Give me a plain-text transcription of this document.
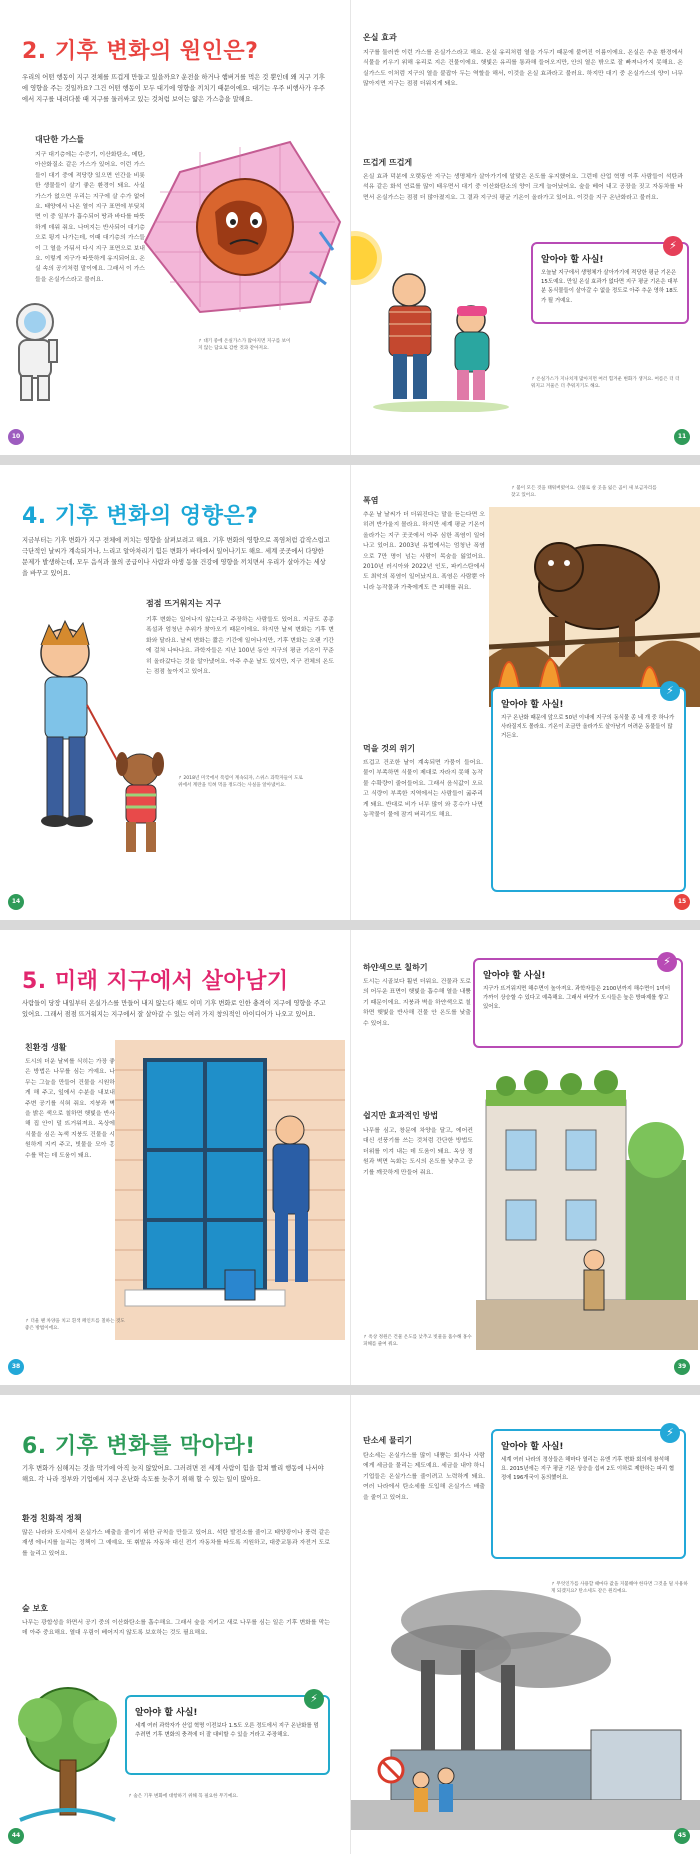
2. 기후 변화의 원인은?
우리의 어떤 행동이 지구 전체를 뜨겁게 만들고 있을까요? 운전을 하거나 햄버거를 먹은 것 뿐인데 왜 지구 기후에 영향을 주는 것일까요? 그건 어떤 행동이 모두 대기에 영향을 끼치기 때문이에요. 대기는 우주 비행사가 우주에서 지구를 내려다볼 때 지구를 둘러싸고 있는 것처럼 보이는 얇은 가스층을 말해요.
대단한 가스들
지구 대기층에는 수증기, 이산화탄소, 메탄, 아산화질소 같은 가스가 있어요. 이런 가스들이 대기 중에 적당량 있으면 인간을 비롯한 생물들이 살기 좋은 환경이 돼요. 사실 가스가 없으면 우리는 지구에 살 수가 없어요. 태양에서 나온 열이 지구 표면에 부딪치면 이 중 일부가 흡수되어 땅과 바다를 따뜻하게 데워 줘요. 나머지는 반사되어 대기층으로 튕겨 나가는데, 이때 대기층의 가스들이 그 열을 가둬서 다시 지구 표면으로 보내요. 이렇게 지구가 따뜻하게 유지되어요. 온실 속의 공기처럼 말이에요. 그래서 이 가스들을 온실가스라고 불러요.
↱ 대기 중에 온실가스가 많아지면 지구를 보이지 않는 담요로 감싼 것과 같아져요.
10
온실 효과
지구를 둘러싼 이런 가스를 온실가스라고 해요. 온실 유리처럼 열을 가두기 때문에 붙여진 이름이에요. 온실은 추운 환경에서 식물을 키우기 위해 유리로 지은 건물이에요. 햇빛은 유리를 통과해 들어오지만, 안의 열은 밖으로 잘 빠져나가지 못해요. 온실가스도 이처럼 지구의 열을 붙잡아 두는 역할을 해서, 이것을 온실 효과라고 불러요. 하지만 대기 중 온실가스의 양이 너무 많아지면 지구는 점점 더워지게 돼요.
뜨겁게 뜨겁게
온실 효과 덕분에 오랫동안 지구는 생명체가 살아가기에 알맞은 온도를 유지했어요. 그런데 산업 혁명 이후 사람들이 석탄과 석유 같은 화석 연료를 많이 태우면서 대기 중 이산화탄소의 양이 크게 늘어났어요. 숲을 베어 내고 공장을 짓고 자동차를 타면서 온실가스는 점점 더 많아졌지요. 그 결과 지구의 평균 기온이 올라가고 있어요. 이것을 지구 온난화라고 불러요.
⚡
알아야 할 사실!
오늘날 지구에서 생명체가 살아가기에 적당한 평균 기온은 15도예요. 만일 온실 효과가 없다면 지구 평균 기온은 대부분 동식물들이 살아갈 수 없을 정도로 아주 추운 영하 18도가 될 거예요.
↱ 온실가스가 지나치게 많아지면 여러 힘겨운 변화가 생겨요. 여름은 더 더워지고 겨울은 더 추워지기도 해요.
11
4. 기후 변화의 영향은?
지금부터는 기후 변화가 지구 전체에 끼치는 영향을 살펴보려고 해요. 기후 변화의 영향으로 폭염처럼 갑작스럽고 극단적인 날씨가 계속되거나, 느리고 알아차리기 힘든 변화가 바다에서 일어나기도 해요. 세계 곳곳에서 다양한 문제가 발생하는데, 모두 음식과 물의 공급이나 사람과 야생 동물 건강에 영향을 끼치면서 우리가 살아가는 세상을 바꾸고 있어요.
점점 뜨거워지는 지구
기후 변화는 일어나지 않는다고 주장하는 사람들도 있어요. 지금도 종종 폭설과 엄청난 추위가 찾아오기 때문이에요. 하지만 날씨 변화는 기후 변화와 달라요. 날씨 변화는 짧은 기간에 일어나지만, 기후 변화는 오랜 기간에 걸쳐 나타나요. 과학자들은 지난 100년 동안 지구의 평균 기온이 꾸준히 올라갔다는 것을 알아냈어요. 아주 추운 날도 있지만, 지구 전체의 온도는 점점 높아지고 있어요.
↱ 2018년 미국에서 폭염이 계속되자, 스위스 과학자들이 도로 위에서 계란을 익혀 먹을 정도라는 사실을 알아냈어요.
14
폭염
추운 날 날씨가 더 더워진다는 말을 듣는다면 오히려 반가울지 몰라요. 하지만 세계 평균 기온이 올라가는 지구 곳곳에서 아주 심한 폭염이 일어나고 있어요. 2003년 유럽에서는 엄청난 폭염으로 7만 명이 넘는 사람이 목숨을 잃었어요. 2010년 러시아와 2022년 인도, 파키스탄에서도 최악의 폭염이 일어났지요. 폭염은 사람뿐 아니라 농작물과 가축에게도 큰 피해를 줘요.
↱ 불이 모든 것을 태워버렸어요. 산불로 살 곳을 잃은 곰이 새 보금자리를 찾고 있어요.
먹을 것의 위기
뜨겁고 건조한 날이 계속되면 가뭄이 들어요. 물이 부족하면 식물이 제대로 자라지 못해 농작물 수확량이 줄어들어요. 그래서 음식값이 오르고 식량이 부족한 지역에서는 사람들이 굶주리게 돼요. 반대로 비가 너무 많이 와 홍수가 나면 농작물이 물에 잠겨 버리기도 해요.
⚡
알아야 할 사실!
지구 온난화 때문에 앞으로 50년 이내에 지구의 동식물 종 네 개 중 하나가 사라질지도 몰라요. 기온이 조금만 올라가도 살아남기 어려운 동물들이 많거든요.
15
5. 미래 지구에서 살아남기
사람들이 당장 내일부터 온실가스를 만들어 내지 않는다 해도 이미 기후 변화로 인한 충격이 지구에 영향을 주고 있어요. 그래서 점점 뜨거워지는 지구에서 잘 살아갈 수 있는 여러 가지 창의적인 아이디어가 나오고 있어요.
친환경 생활
도시의 더운 날씨를 식히는 가장 좋은 방법은 나무를 심는 거예요. 나무는 그늘을 만들어 건물을 시원하게 해 주고, 잎에서 수분을 내보내 주변 공기를 식혀 줘요. 지붕과 벽을 밝은 색으로 칠하면 햇빛을 반사해 집 안이 덜 뜨거워져요. 옥상에 식물을 심은 녹색 지붕도 건물을 시원하게 지켜 주고, 빗물을 모아 홍수를 막는 데 도움이 돼요.
↱ 더울 땐 차양을 치고 흰색 페인트를 칠하는 것도 좋은 방법이에요.
38
하얀색으로 칠하기
도시는 시골보다 훨씬 더워요. 건물과 도로의 어두운 표면이 햇빛을 흡수해 열을 내뿜기 때문이에요. 지붕과 벽을 하얀색으로 칠하면 햇빛을 반사해 건물 안 온도를 낮출 수 있어요.
⚡
알아야 할 사실!
지구가 뜨거워지면 해수면이 높아져요. 과학자들은 2100년까지 해수면이 1미터 가까이 상승할 수 있다고 예측해요. 그래서 바닷가 도시들은 높은 방파제를 쌓고 있어요.
쉽지만 효과적인 방법
나무를 심고, 창문에 차양을 달고, 에어컨 대신 선풍기를 쓰는 것처럼 간단한 방법도 더위를 이겨 내는 데 도움이 돼요. 옥상 정원과 벽면 녹화는 도시의 온도를 낮추고 공기를 깨끗하게 만들어 줘요.
↱ 옥상 정원은 건물 온도를 낮추고 빗물을 흡수해 홍수 피해를 줄여 줘요.
39
6. 기후 변화를 막아라!
기후 변화가 심해지는 것을 막기에 아직 늦지 않았어요. 그러려면 전 세계 사람이 힘을 합쳐 빨리 행동에 나서야 해요. 각 나라 정부와 기업에서 지구 온난화 속도를 늦추기 위해 할 수 있는 일이 많아요.
환경 친화적 정책
많은 나라와 도시에서 온실가스 배출을 줄이기 위한 규칙을 만들고 있어요. 석탄 발전소를 줄이고 태양광이나 풍력 같은 재생 에너지를 늘리는 정책이 그 예예요. 또 휘발유 자동차 대신 전기 자동차를 타도록 지원하고, 대중교통과 자전거 도로를 늘리고 있어요.
숲 보호
나무는 광합성을 하면서 공기 중의 이산화탄소를 흡수해요. 그래서 숲을 지키고 새로 나무를 심는 일은 기후 변화를 막는 데 아주 중요해요. 열대 우림이 베어지지 않도록 보호하는 것도 필요해요.
⚡
알아야 할 사실!
세계 여러 과학자가 산업 혁명 이전보다 1.5도 오른 정도에서 지구 온난화를 멈추려면 기후 변화의 충격에 더 잘 대비할 수 있을 거라고 주장해요.
↱ 숲은 기후 변화에 대항하기 위해 꼭 필요한 무기예요.
44
탄소세 물리기
탄소세는 온실가스를 많이 내뿜는 회사나 사람에게 세금을 물리는 제도예요. 세금을 내야 하니 기업들은 온실가스를 줄이려고 노력하게 돼요. 여러 나라에서 탄소세를 도입해 온실가스 배출을 줄이고 있어요.
⚡
알아야 할 사실!
세계 여러 나라의 정상들은 해마다 열리는 유엔 기후 변화 회의에 참석해요. 2015년에는 지구 평균 기온 상승을 섭씨 2도 이하로 제한하는 파리 협정에 196개국이 동의했어요.
↱ 무엇인가를 사용할 때마다 값을 지불해야 한다면 그것을 덜 사용하게 되겠지요? 탄소세도 같은 원리예요.
45
